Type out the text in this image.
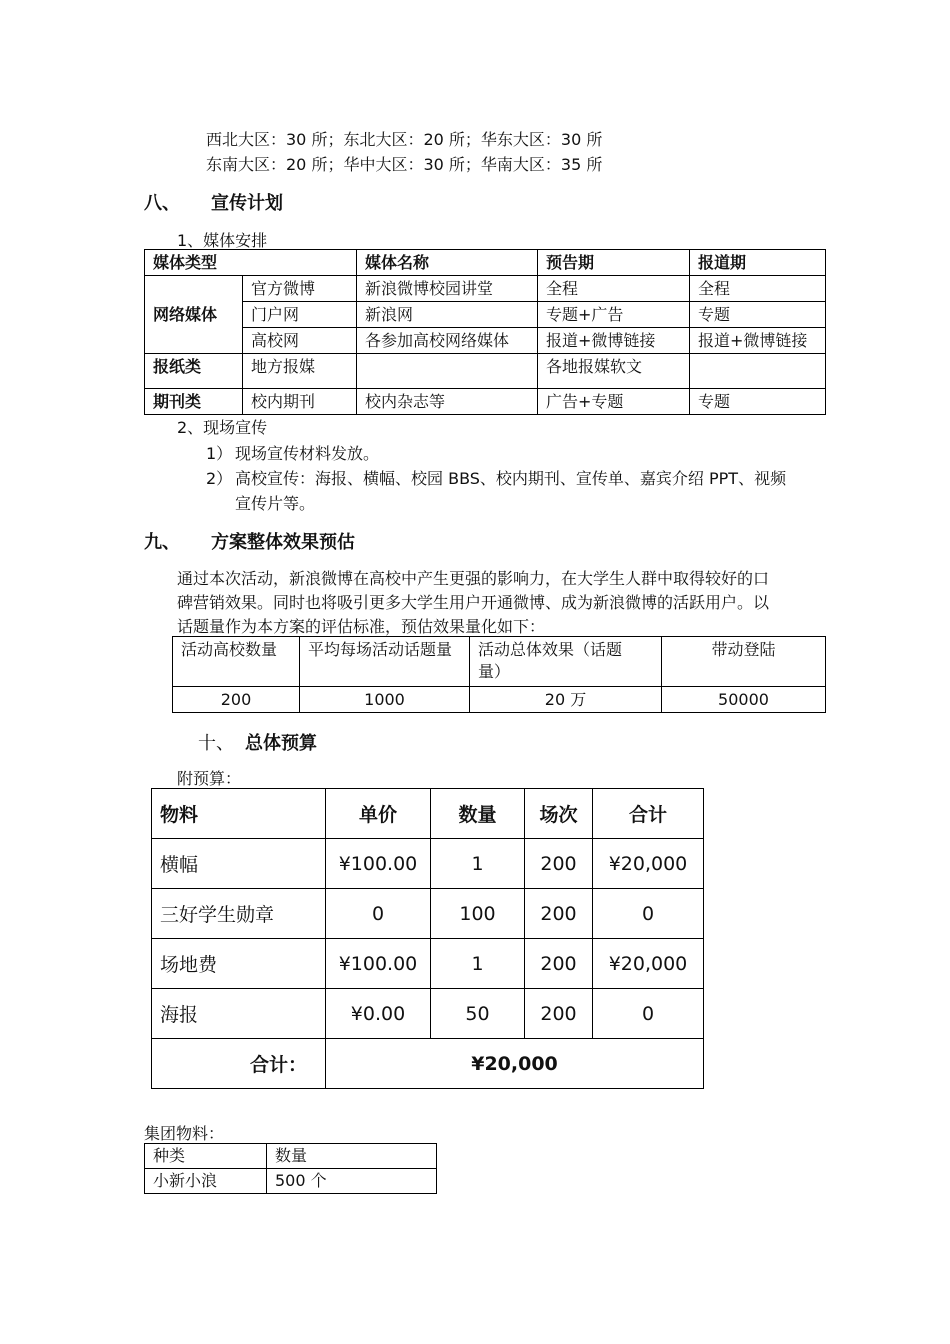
西北大区：30 所；东北大区：20 所；华东大区：30 所
东南大区：20 所；华中大区：30 所；华南大区：35 所
八、 宣传计划
1、媒体安排
媒体类型		媒体名称	预告期	报道期
网络媒体	官方微博	新浪微博校园讲堂	全程	全程
	门户网	新浪网	专题+广告	专题
	高校网	各参加高校网络媒体	报道+微博链接	报道+微博链接
报纸类	地方报媒		各地报媒软文	
期刊类	校内期刊	校内杂志等	广告+专题	专题
2、现场宣传
1） 现场宣传材料发放。
2） 高校宣传：海报、横幅、校园 BBS、校内期刊、宣传单、嘉宾介绍 PPT、视频
宣传片等。
九、 方案整体效果预估
通过本次活动，新浪微博在高校中产生更强的影响力，在大学生人群中取得较好的口
碑营销效果。同时也将吸引更多大学生用户开通微博、成为新浪微博的活跃用户。以
话题量作为本方案的评估标准，预估效果量化如下：
活动高校数量	平均每场活动话题量	活动总体效果（话题
量）	带动登陆
200	1000	20 万	50000
十、 总体预算
附预算：
物料	单价	数量	场次	合计
横幅	¥100.00	1	200	¥20,000
三好学生勋章	0	100	200	0
场地费	¥100.00	1	200	¥20,000
海报	¥0.00	50	200	0
合计：	¥20,000			
集团物料：
种类	数量
小新小浪	500 个
